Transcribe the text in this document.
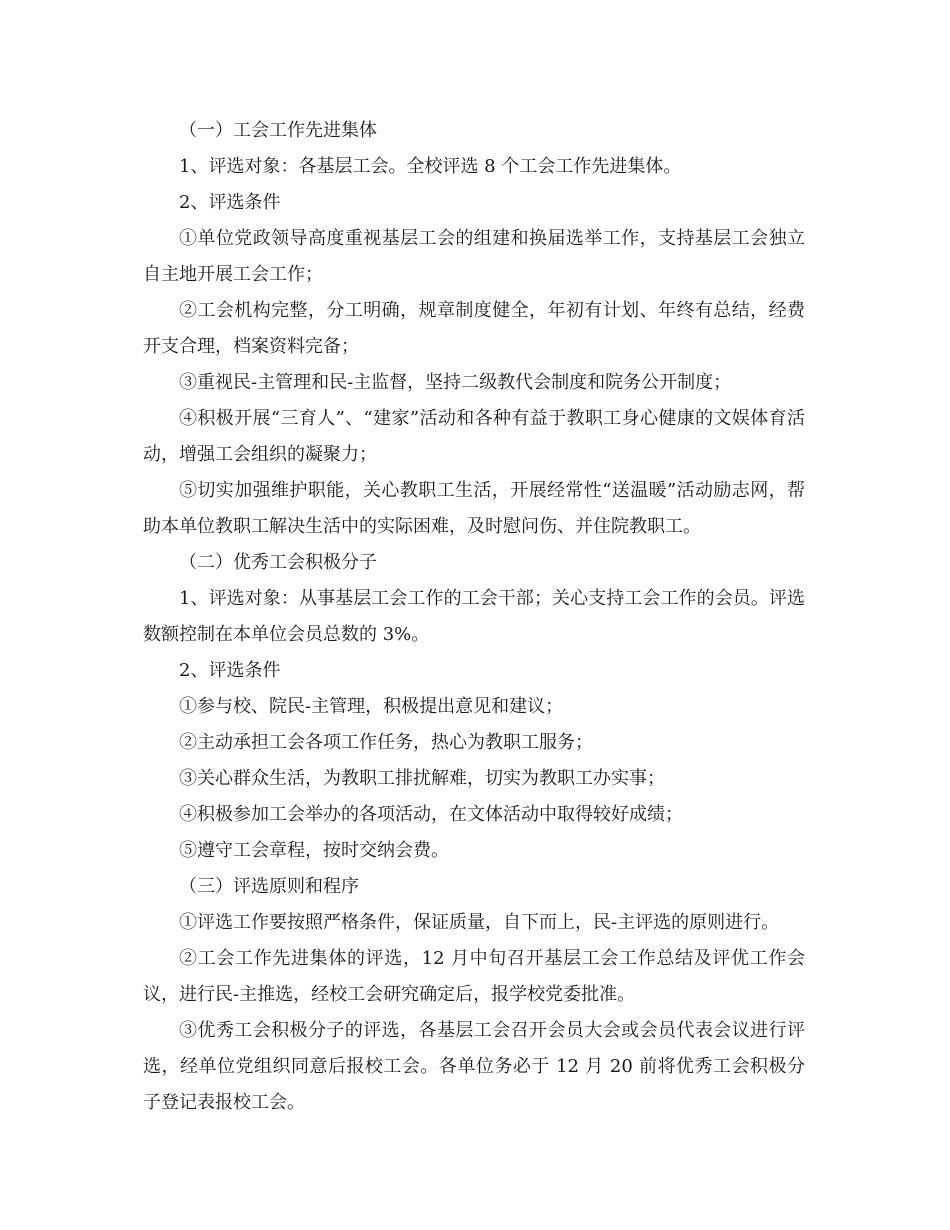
（一）工会工作先进集体

1、评选对象：各基层工会。全校评选 8 个工会工作先进集体。

2、评选条件

①单位党政领导高度重视基层工会的组建和换届选举工作，支持基层工会独立自主地开展工会工作；

②工会机构完整，分工明确，规章制度健全，年初有计划、年终有总结，经费开支合理，档案资料完备；

③重视民-主管理和民-主监督，坚持二级教代会制度和院务公开制度；

④积极开展“三育人”、“建家”活动和各种有益于教职工身心健康的文娱体育活动，增强工会组织的凝聚力；

⑤切实加强维护职能，关心教职工生活，开展经常性“送温暖”活动励志网，帮助本单位教职工解决生活中的实际困难，及时慰问伤、并住院教职工。

（二）优秀工会积极分子

1、评选对象：从事基层工会工作的工会干部；关心支持工会工作的会员。评选数额控制在本单位会员总数的 3%。

2、评选条件

①参与校、院民-主管理，积极提出意见和建议；

②主动承担工会各项工作任务，热心为教职工服务；

③关心群众生活，为教职工排扰解难，切实为教职工办实事；

④积极参加工会举办的各项活动，在文体活动中取得较好成绩；

⑤遵守工会章程，按时交纳会费。

（三）评选原则和程序

①评选工作要按照严格条件，保证质量，自下而上，民-主评选的原则进行。

②工会工作先进集体的评选，12 月中旬召开基层工会工作总结及评优工作会议，进行民-主推选，经校工会研究确定后，报学校党委批准。

③优秀工会积极分子的评选，各基层工会召开会员大会或会员代表会议进行评选，经单位党组织同意后报校工会。各单位务必于 12 月 20 前将优秀工会积极分子登记表报校工会。
